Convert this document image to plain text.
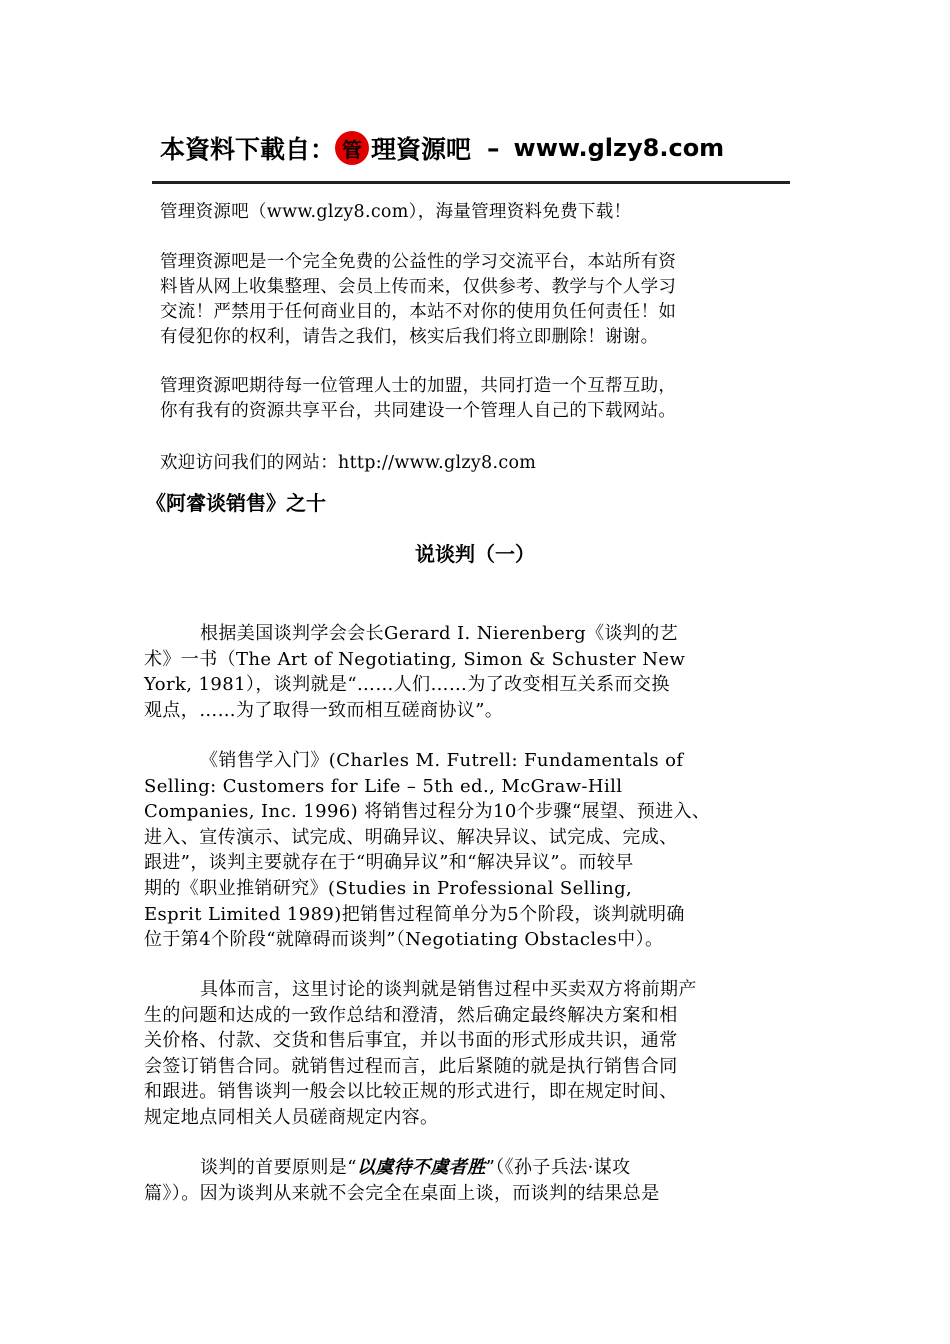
本資料下載自： 管 理資源吧 – www.glzy8.com

管理资源吧（www.glzy8.com），海量管理资料免费下载！

管理资源吧是一个完全免费的公益性的学习交流平台，本站所有资

料皆从网上收集整理、会员上传而来，仅供参考、教学与个人学习

交流！严禁用于任何商业目的，本站不对你的使用负任何责任！如

有侵犯你的权利，请告之我们，核实后我们将立即删除！谢谢。

管理资源吧期待每一位管理人士的加盟，共同打造一个互帮互助，

你有我有的资源共享平台，共同建设一个管理人自己的下载网站。

欢迎访问我们的网站：http://www.glzy8.com

《阿睿谈销售》之十
说谈判（一）

根据美国谈判学会会长Gerard I. Nierenberg《谈判的艺

术》一书（The Art of Negotiating, Simon & Schuster New

York, 1981），谈判就是“……人们……为了改变相互关系而交换

观点，……为了取得一致而相互磋商协议”。

《销售学入门》(Charles M. Futrell: Fundamentals of

Selling: Customers for Life – 5th ed., McGraw-Hill

Companies, Inc. 1996) 将销售过程分为10个步骤“展望、预进入、

进入、宣传演示、试完成、明确异议、解决异议、试完成、完成、

跟进”，谈判主要就存在于“明确异议”和“解决异议”。而较早

期的《职业推销研究》(Studies in Professional Selling,

Esprit Limited 1989)把销售过程简单分为5个阶段，谈判就明确

位于第4个阶段“就障碍而谈判”（Negotiating Obstacles中）。

具体而言，这里讨论的谈判就是销售过程中买卖双方将前期产

生的问题和达成的一致作总结和澄清，然后确定最终解决方案和相

关价格、付款、交货和售后事宜，并以书面的形式形成共识，通常

会签订销售合同。就销售过程而言，此后紧随的就是执行销售合同

和跟进。销售谈判一般会以比较正规的形式进行，即在规定时间、

规定地点同相关人员磋商规定内容。

谈判的首要原则是“以虞待不虞者胜”（《孙子兵法·谋攻

篇》）。因为谈判从来就不会完全在桌面上谈，而谈判的结果总是
